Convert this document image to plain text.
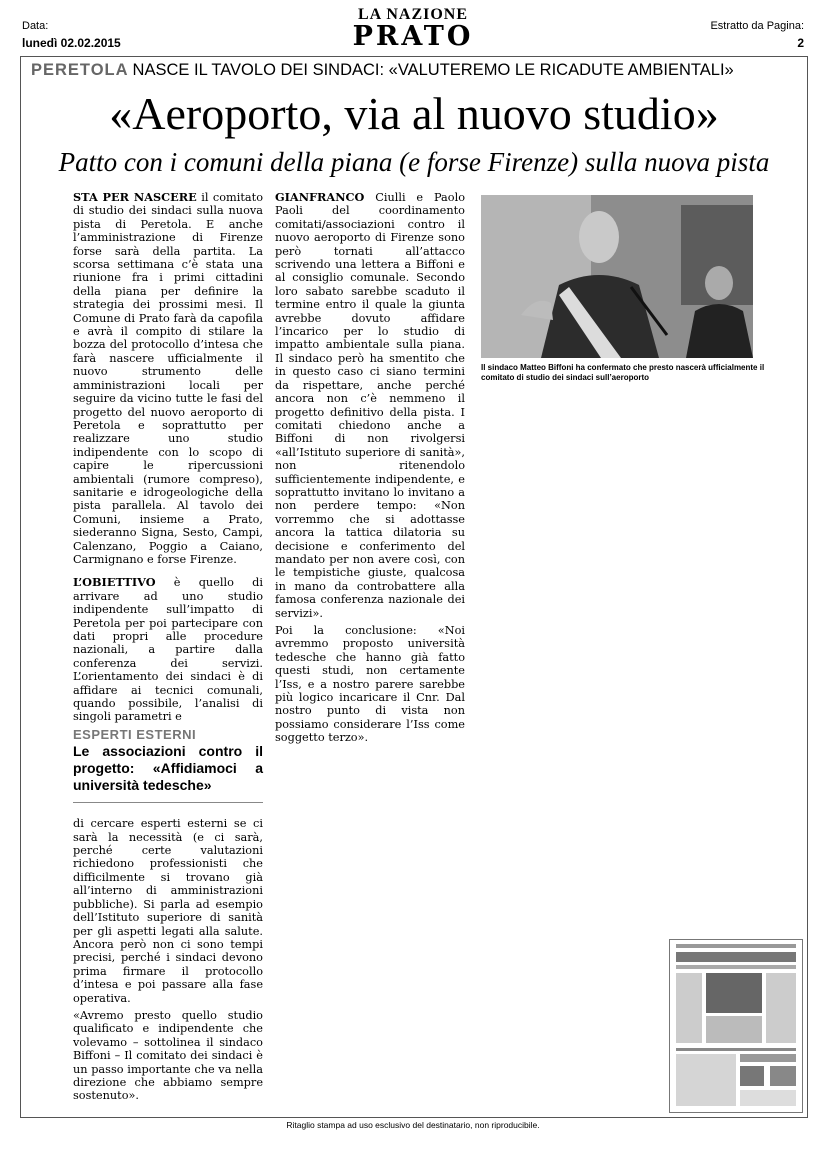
Data:
lunedì 02.02.2015
LA NAZIONE
PRATO	Estratto da Pagina:
2
PERETOLA NASCE IL TAVOLO DEI SINDACI: «VALUTEREMO LE RICADUTE AMBIENTALI»
«Aeroporto, via al nuovo studio»
Patto con i comuni della piana (e forse Firenze) sulla nuova pista

STA PER NASCERE il comitato di studio dei sindaci sulla nuova pista di Peretola. E anche l’amministrazione di Firenze forse sarà della partita. La scorsa settimana c’è stata una riunione fra i primi cittadini della piana per definire la strategia dei prossimi mesi. Il Comune di Prato farà da capofila e avrà il compito di stilare la bozza del protocollo d’intesa che farà nascere ufficialmente il nuovo strumento delle amministrazioni locali per seguire da vicino tutte le fasi del progetto del nuovo aeroporto di Peretola e soprattutto per realizzare uno studio indipendente con lo scopo di capire le ripercussioni ambientali (rumore compreso), sanitarie e idrogeologiche della pista parallela. Al tavolo dei Comuni, insieme a Prato, siederanno Signa, Sesto, Campi, Calenzano, Poggio a Caiano, Carmignano e forse Firenze.

L’OBIETTIVO è quello di arrivare ad uno studio indipendente sull’impatto di Peretola per poi partecipare con dati propri alle procedure nazionali, a partire dalla conferenza dei servizi. L’orientamento dei sindaci è di affidare ai tecnici comunali, quando possibile, l’analisi di singoli parametri e

ESPERTI ESTERNI
Le associazioni contro il progetto: «Affidiamoci a università tedesche»

di cercare esperti esterni se ci sarà la necessità (e ci sarà, perché certe valutazioni richiedono professionisti che difficilmente si trovano già all’interno di amministrazioni pubbliche). Si parla ad esempio dell’Istituto superiore di sanità per gli aspetti legati alla salute. Ancora però non ci sono tempi precisi, perché i sindaci devono prima firmare il protocollo d’intesa e poi passare alla fase operativa.

«Avremo presto quello studio qualificato e indipendente che volevamo – sottolinea il sindaco Biffoni – Il comitato dei sindaci è un passo importante che va nella direzione che abbiamo sempre sostenuto».

GIANFRANCO Ciulli e Paolo Paoli del coordinamento comitati/associazioni contro il nuovo aeroporto di Firenze sono però tornati all’attacco scrivendo una lettera a Biffoni e al consiglio comunale. Secondo loro sabato sarebbe scaduto il termine entro il quale la giunta avrebbe dovuto affidare l’incarico per lo studio di impatto ambientale sulla piana. Il sindaco però ha smentito che in questo caso ci siano termini da rispettare, anche perché ancora non c’è nemmeno il progetto definitivo della pista. I comitati chiedono anche a Biffoni di non rivolgersi «all’Istituto superiore di sanità», non ritenendolo sufficientemente indipendente, e soprattutto invitano lo invitano a non perdere tempo: «Non vorremmo che si adottasse ancora la tattica dilatoria su decisione e conferimento del mandato per non avere così, con le tempistiche giuste, qualcosa in mano da controbattere alla famosa conferenza nazionale dei servizi».

Poi la conclusione: «Noi avremmo proposto università tedesche che hanno già fatto questi studi, non certamente l’Iss, e a nostro parere sarebbe più logico incaricare il Cnr. Dal nostro punto di vista non possiamo considerare l’Iss come soggetto terzo».

Il sindaco Matteo Biffoni ha confermato che presto nascerà ufficialmente il comitato di studio dei sindaci sull’aeroporto
Ritaglio stampa ad uso esclusivo del destinatario, non riproducibile.
